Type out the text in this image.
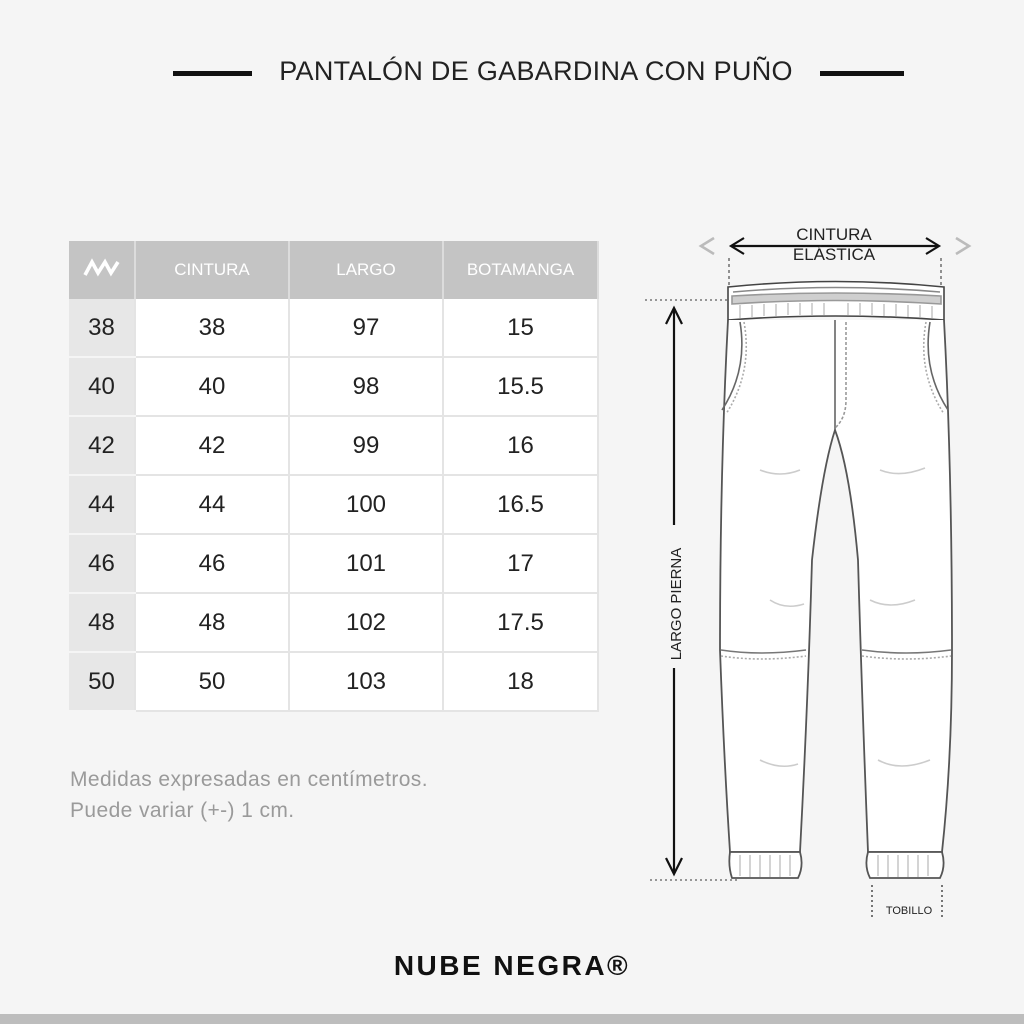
PANTALÓN DE GABARDINA CON PUÑO
	CINTURA	LARGO	BOTAMANGA
38	38	97	15
40	40	98	15.5
42	42	99	16
44	44	100	16.5
46	46	101	17
48	48	102	17.5
50	50	103	18
Medidas expresadas en centímetros.
Puede variar (+-) 1 cm.
CINTURA
ELÁSTICA
LARGO PIERNA
TOBILLO
NUBE NEGRA®
